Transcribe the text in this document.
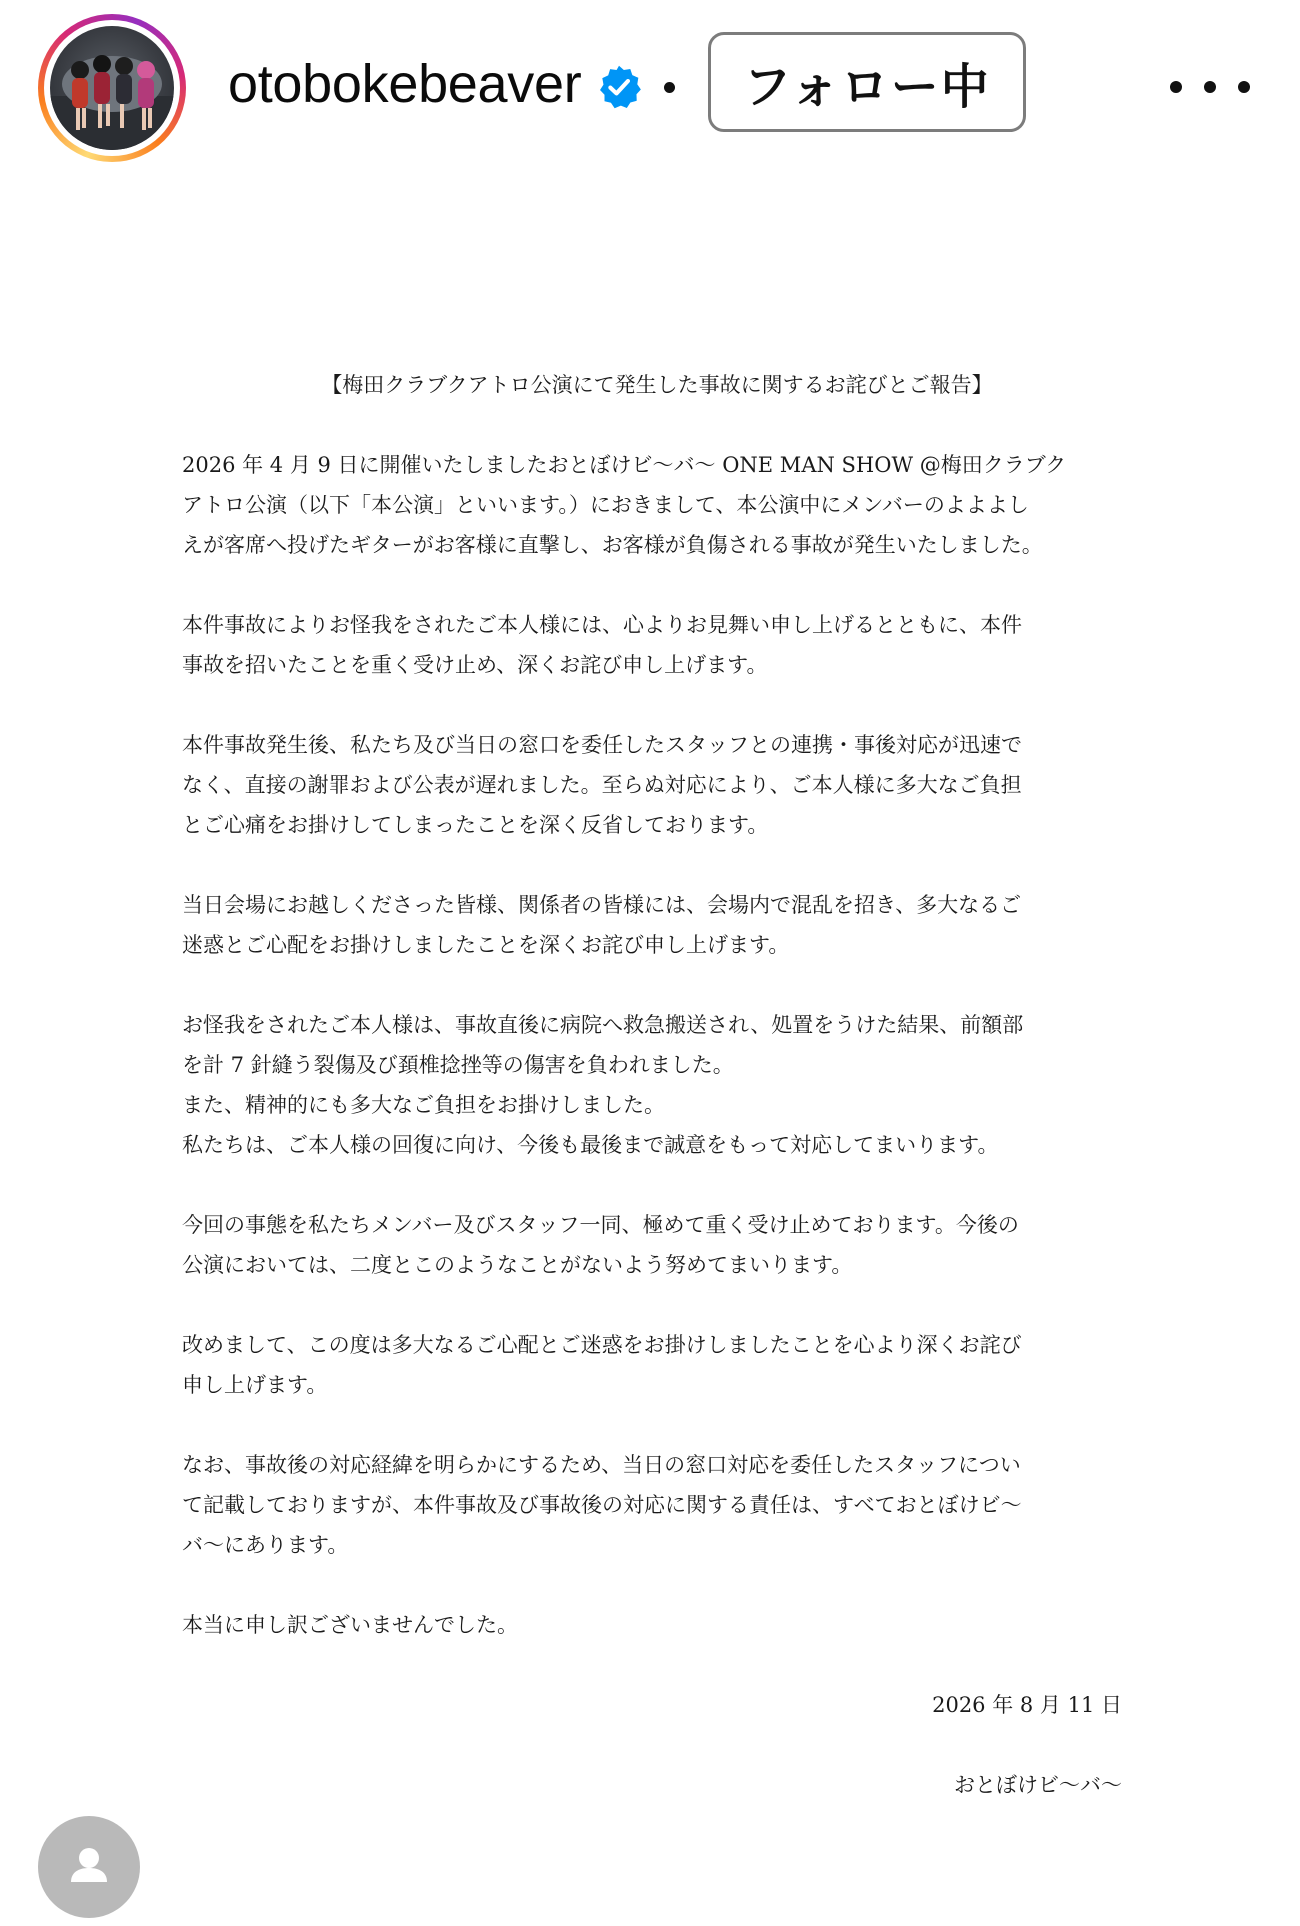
otobokebeaver	フォロー中
【梅田クラブクアトロ公演にて発生した事故に関するお詫びとご報告】
2026 年 4 月 9 日に開催いたしましたおとぼけビ〜バ〜 ONE MAN SHOW @梅田クラブク
アトロ公演（以下「本公演」といいます。）におきまして、本公演中にメンバーのよよよし
えが客席へ投げたギターがお客様に直撃し、お客様が負傷される事故が発生いたしました。
本件事故によりお怪我をされたご本人様には、心よりお見舞い申し上げるとともに、本件
事故を招いたことを重く受け止め、深くお詫び申し上げます。
本件事故発生後、私たち及び当日の窓口を委任したスタッフとの連携・事後対応が迅速で
なく、直接の謝罪および公表が遅れました。至らぬ対応により、ご本人様に多大なご負担
とご心痛をお掛けしてしまったことを深く反省しております。
当日会場にお越しくださった皆様、関係者の皆様には、会場内で混乱を招き、多大なるご
迷惑とご心配をお掛けしましたことを深くお詫び申し上げます。
お怪我をされたご本人様は、事故直後に病院へ救急搬送され、処置をうけた結果、前額部
を計 7 針縫う裂傷及び頚椎捻挫等の傷害を負われました。
また、精神的にも多大なご負担をお掛けしました。
私たちは、ご本人様の回復に向け、今後も最後まで誠意をもって対応してまいります。
今回の事態を私たちメンバー及びスタッフ一同、極めて重く受け止めております。今後の
公演においては、二度とこのようなことがないよう努めてまいります。
改めまして、この度は多大なるご心配とご迷惑をお掛けしましたことを心より深くお詫び
申し上げます。
なお、事故後の対応経緯を明らかにするため、当日の窓口対応を委任したスタッフについ
て記載しておりますが、本件事故及び事故後の対応に関する責任は、すべておとぼけビ〜
バ〜にあります。
本当に申し訳ございませんでした。
2026 年 8 月 11 日
おとぼけビ〜バ〜
